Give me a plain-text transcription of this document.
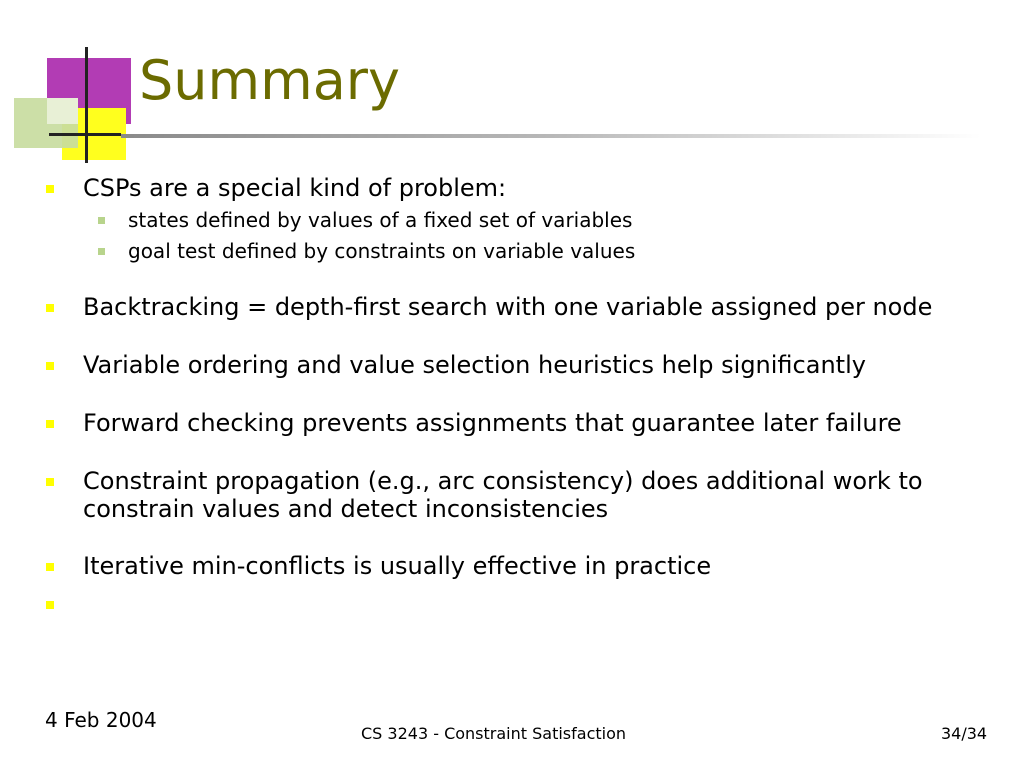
Summary
CSPs are a special kind of problem:
states defined by values of a fixed set of variables
goal test defined by constraints on variable values
Backtracking = depth-first search with one variable assigned per node
Variable ordering and value selection heuristics help significantly
Forward checking prevents assignments that guarantee later failure
Constraint propagation (e.g., arc consistency) does additional work to
constrain values and detect inconsistencies
Iterative min-conflicts is usually effective in practice
4 Feb 2004
CS 3243 - Constraint Satisfaction	34/34
